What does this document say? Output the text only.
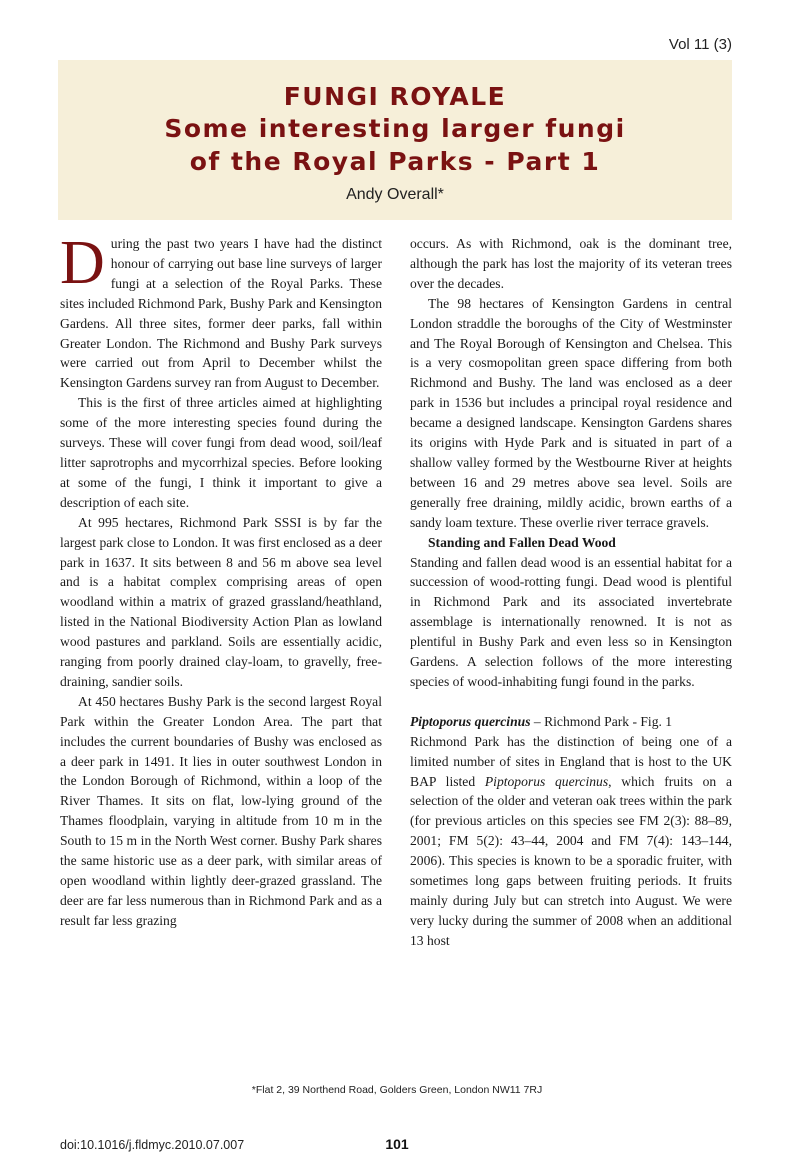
Vol 11 (3)
FUNGI ROYALE
Some interesting larger fungi
of the Royal Parks - Part 1
Andy Overall*

During the past two years I have had the distinct honour of carrying out base line surveys of larger fungi at a selection of the Royal Parks. These sites included Richmond Park, Bushy Park and Kensington Gardens. All three sites, former deer parks, fall within Greater London. The Richmond and Bushy Park surveys were carried out from April to December whilst the Kensington Gardens survey ran from August to December.

This is the first of three articles aimed at highlighting some of the more interesting species found during the surveys. These will cover fungi from dead wood, soil/leaf litter saprotrophs and mycorrhizal species. Before looking at some of the fungi, I think it important to give a description of each site.

At 995 hectares, Richmond Park SSSI is by far the largest park close to London. It was first enclosed as a deer park in 1637. It sits between 8 and 56 m above sea level and is a habitat complex comprising areas of open woodland within a matrix of grazed grassland/heathland, listed in the National Biodiversity Action Plan as lowland wood pastures and parkland. Soils are essentially acidic, ranging from poorly drained clay-loam, to gravelly, free-draining, sandier soils.

At 450 hectares Bushy Park is the second largest Royal Park within the Greater London Area. The part that includes the current boundaries of Bushy was enclosed as a deer park in 1491. It lies in outer southwest London in the London Borough of Richmond, within a loop of the River Thames. It sits on flat, low-lying ground of the Thames floodplain, varying in altitude from 10 m in the South to 15 m in the North West corner. Bushy Park shares the same historic use as a deer park, with similar areas of open woodland within lightly deer-grazed grassland. The deer are far less numerous than in Richmond Park and as a result far less grazing

occurs. As with Richmond, oak is the dominant tree, although the park has lost the majority of its veteran trees over the decades.

The 98 hectares of Kensington Gardens in central London straddle the boroughs of the City of Westminster and The Royal Borough of Kensington and Chelsea. This is a very cosmopolitan green space differing from both Richmond and Bushy. The land was enclosed as a deer park in 1536 but includes a principal royal residence and became a designed landscape. Kensington Gardens shares its origins with Hyde Park and is situated in part of a shallow valley formed by the Westbourne River at heights between 16 and 29 metres above sea level. Soils are generally free draining, mildly acidic, brown earths of a sandy loam texture. These overlie river terrace gravels.

Standing and Fallen Dead Wood

Standing and fallen dead wood is an essential habitat for a succession of wood-rotting fungi. Dead wood is plentiful in Richmond Park and its associated invertebrate assemblage is internationally renowned. It is not as plentiful in Bushy Park and even less so in Kensington Gardens. A selection follows of the more interesting species of wood-inhabiting fungi found in the parks.

Piptoporus quercinus – Richmond Park - Fig. 1

Richmond Park has the distinction of being one of a limited number of sites in England that is host to the UK BAP listed Piptoporus quercinus, which fruits on a selection of the older and veteran oak trees within the park (for previous articles on this species see FM 2(3): 88–89, 2001; FM 5(2): 43–44, 2004 and FM 7(4): 143–144, 2006). This species is known to be a sporadic fruiter, with sometimes long gaps between fruiting periods. It fruits mainly during July but can stretch into August. We were very lucky during the summer of 2008 when an additional 13 host

*Flat 2, 39 Northend Road, Golders Green, London NW11 7RJ
doi:10.1016/j.fldmyc.2010.07.007	101
